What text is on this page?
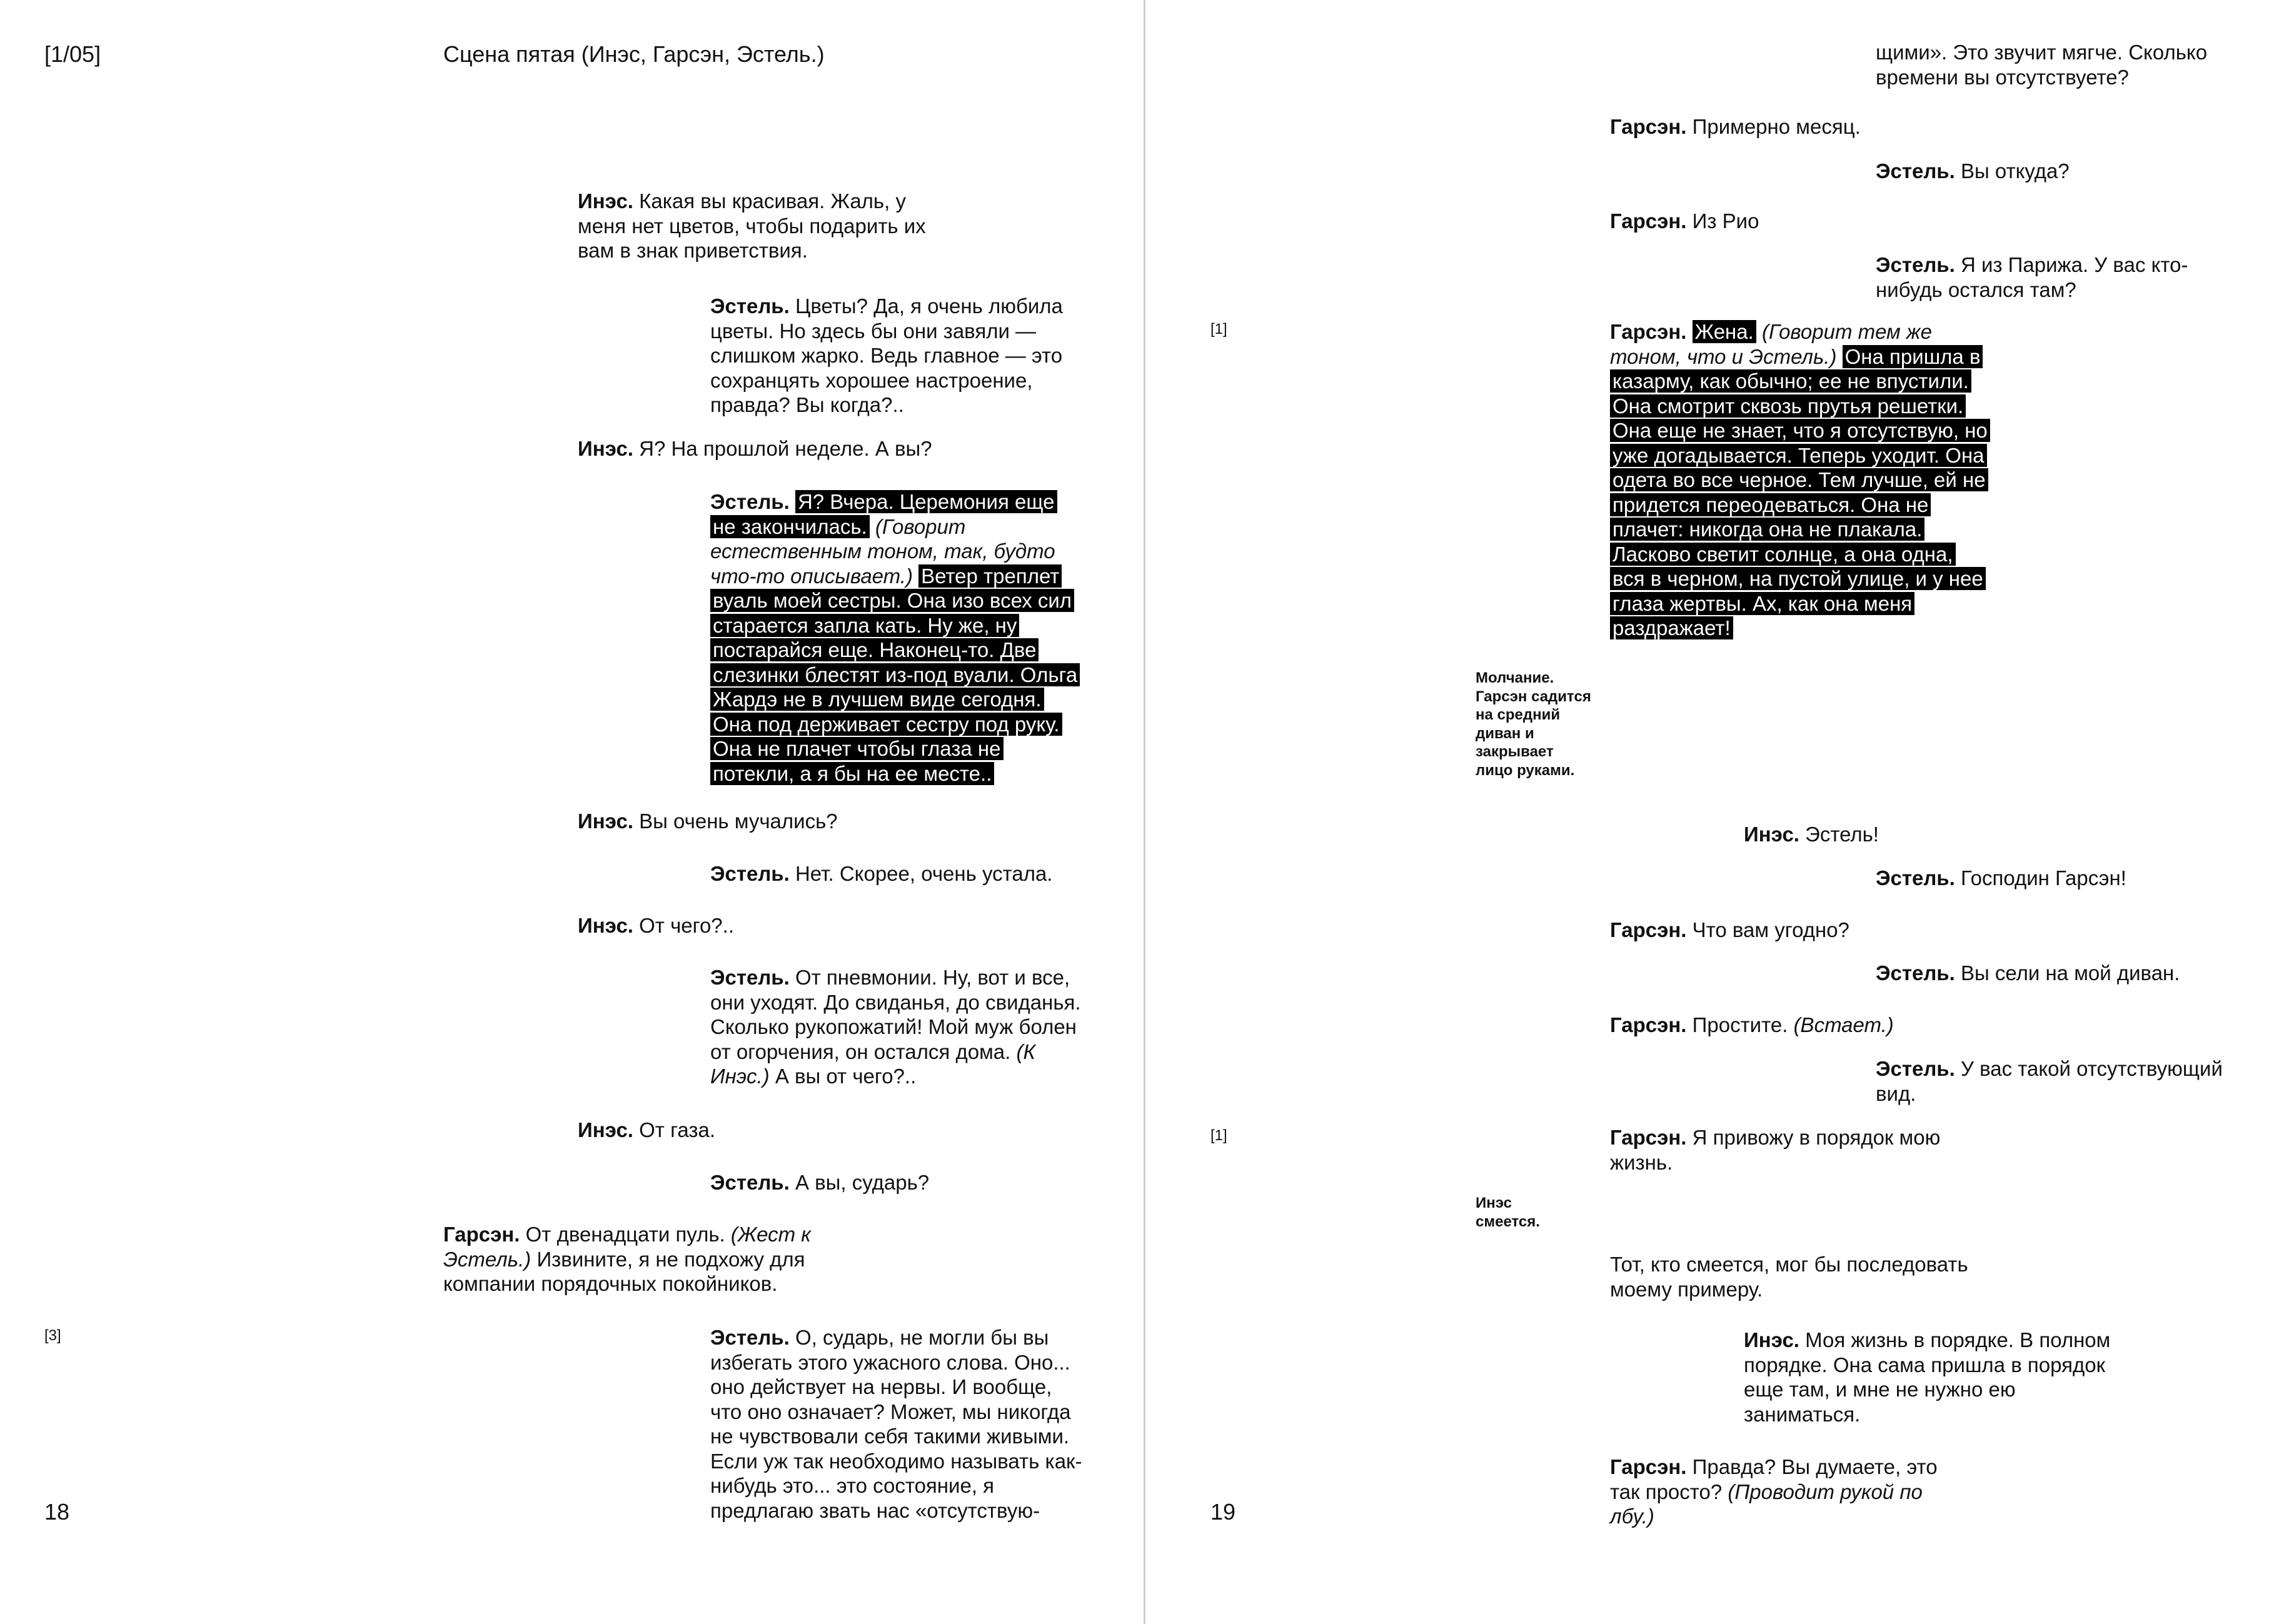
[1/05]	Сцена пятая (Инэс, Гарсэн, Эстель.)
Инэс. Какая вы красивая. Жаль, у меня нет цветов, чтобы подарить их вам в знак приветствия.
Эстель. Цветы? Да, я очень любила цветы. Но здесь бы они завяли — слишком жарко. Ведь главное — это сохранцять хорошее настроение, правда? Вы когда?..
Инэс. Я? На прошлой неделе. А вы?
Эстель. Я? Вчера. Церемония еще не закончилась. (Говорит естественным тоном, так, будто что-то описывает.) Ветер треплет вуаль моей сестры. Она изо всех сил старается запла кать. Ну же, ну постарайся еще. Наконец-то. Две слезинки блестят из-под вуали. Ольга Жардэ не в лучшем виде сегодня. Она под держивает сестру под руку. Она не плачет чтобы глаза не потекли, а я бы на ее месте..
Инэс. Вы очень мучались?
Эстель. Нет. Скорее, очень устала.
Инэс. От чего?..
Эстель. От пневмонии. Ну, вот и все, они уходят. До свиданья, до свиданья. Сколько рукопожатий! Мой муж болен от огорчения, он остался дома. (К Инэс.) А вы от чего?..
Инэс. От газа.
Эстель. А вы, сударь?
Гарсэн. От двенадцати пуль. (Жест к Эстель.) Извините, я не подхожу для компании порядочных покойников.
[3]	Эстель. О, сударь, не могли бы вы избегать этого ужасного слова. Оно... оно действует на нервы. И вообще, что оно означает? Может, мы никогда не чувствовали себя такими живыми. Если уж так необходимо называть как-нибудь это... это состояние, я предлагаю звать нас «отсутствую-
18
щими». Это звучит мягче. Сколько времени вы отсутствуете?
Гарсэн. Примерно месяц.
Эстель. Вы откуда?
Гарсэн. Из Рио
Эстель. Я из Парижа. У вас кто-нибудь остался там?
[1]	Гарсэн. Жена. (Говорит тем же тоном, что и Эстель.) Она пришла в казарму, как обычно; ее не впустили. Она смотрит сквозь прутья решетки. Она еще не знает, что я отсутствую, но уже догадывается. Теперь уходит. Она одета во все черное. Тем лучше, ей не придется переодеваться. Она не плачет: никогда она не плакала. Ласково светит солнце, а она одна, вся в черном, на пустой улице, и у нее глаза жертвы. Ах, как она меня раздражает!
Молчание. Гарсэн садится на средний диван и закрывает лицо руками.
Инэс. Эстель!
Эстель. Господин Гарсэн!
Гарсэн. Что вам угодно?
Эстель. Вы сели на мой диван.
Гарсэн. Простите. (Встает.)
Эстель. У вас такой отсутствующий вид.
[1]	Гарсэн. Я привожу в порядок мою жизнь.
Инэс смеется.
Тот, кто смеется, мог бы последовать моему примеру.
Инэс. Моя жизнь в порядке. В полном порядке. Она сама пришла в порядок еще там, и мне не нужно ею заниматься.
Гарсэн. Правда? Вы думаете, это так просто? (Проводит рукой по лбу.)
19
